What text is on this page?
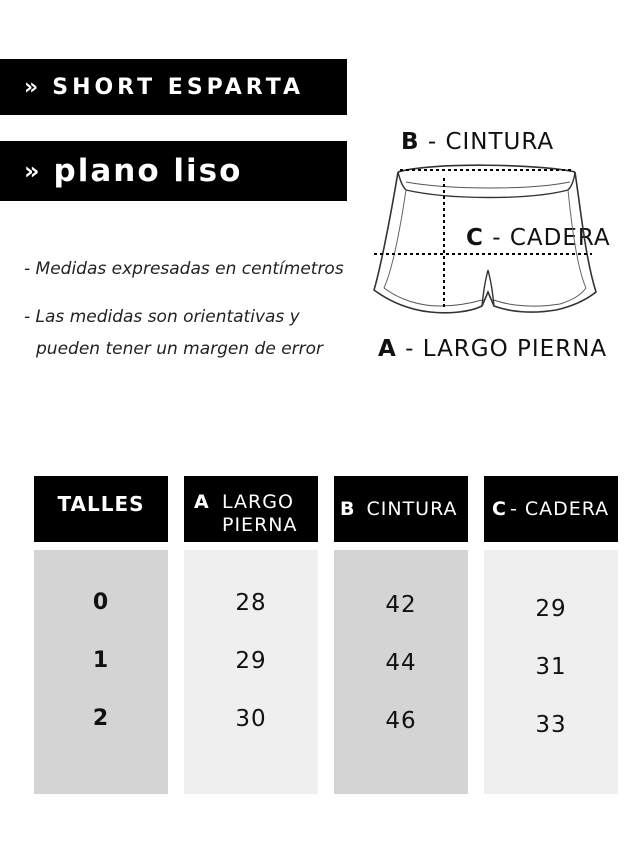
» SHORT ESPARTA
» plano liso
- Medidas expresadas en centímetros
- Las medidas son orientativas y
pueden tener un margen de error
B - CINTURA
C - CADERA
A - LARGO PIERNA
TALLES
0
1
2
A LARGO
PIERNA
28
29
30
B CINTURA
42
44
46
C - CADERA
29
31
33
